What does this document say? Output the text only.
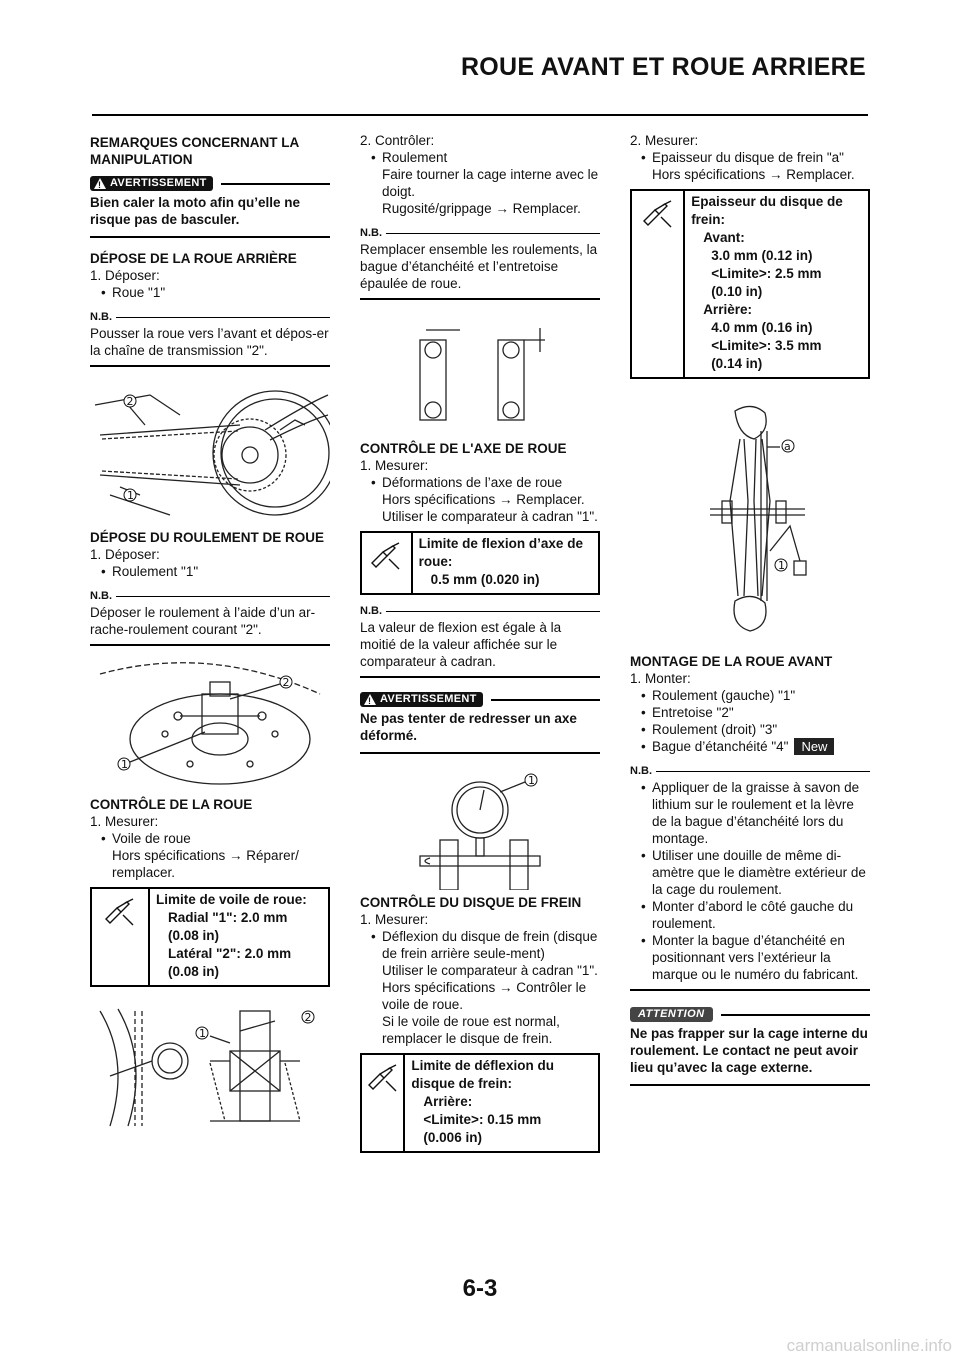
ROUE AVANT ET ROUE ARRIERE
REMARQUES CONCERNANT LA MANIPULATION
!
AVERTISSEMENT
Bien caler la moto afin qu’elle ne risque pas de basculer.
DÉPOSE DE LA ROUE ARRIÈRE
1. Déposer:
• Roue "1"
N.B.
Pousser la roue vers l’avant et dépos-er la chaîne de transmission "2".
2
1
DÉPOSE DU ROULEMENT DE ROUE
1. Déposer:
• Roulement "1"
N.B.
Déposer le roulement à l’aide d’un ar-rache-roulement courant "2".
2
1
CONTRÔLE DE LA ROUE
1. Mesurer:
• Voile de roue
Hors spécifications → Réparer/
remplacer.
Limite de voile de roue:
Radial "1": 2.0 mm
(0.08 in)
Latéral "2": 2.0 mm
(0.08 in)
2
1
2. Contrôler:
• Roulement
Faire tourner la cage interne avec le doigt.
Rugosité/grippage → Remplacer.
N.B.
Remplacer ensemble les roulements, la bague d’étanchéité et l’entretoise épaulée de roue.
CONTRÔLE DE L'AXE DE ROUE
1. Mesurer:
• Déformations de l’axe de roue
Hors spécifications → Remplacer.
Utiliser le comparateur à cadran "1".
Limite de flexion d’axe de roue:
0.5 mm (0.020 in)
N.B.
La valeur de flexion est égale à la moitié de la valeur affichée sur le comparateur à cadran.
!
AVERTISSEMENT
Ne pas tenter de redresser un axe déformé.
1
CONTRÔLE DU DISQUE DE FREIN
1. Mesurer:
• Déflexion du disque de frein (disque de frein arrière seule-ment)
Utiliser le comparateur à cadran "1".
Hors spécifications → Contrôler le voile de roue.
Si le voile de roue est normal, remplacer le disque de frein.
Limite de déflexion du disque de frein:
Arrière:
<Limite>: 0.15 mm
(0.006 in)
2. Mesurer:
• Epaisseur du disque de frein "a"
Hors spécifications → Remplacer.
Epaisseur du disque de frein:
Avant:
3.0 mm (0.12 in)
<Limite>: 2.5 mm
(0.10 in)
Arrière:
4.0 mm (0.16 in)
<Limite>: 3.5 mm
(0.14 in)
a
1
MONTAGE DE LA ROUE AVANT
1. Monter:
• Roulement (gauche) "1"
• Entretoise "2"
• Roulement (droit) "3"
• Bague d’étanchéité "4" New
N.B.
• Appliquer de la graisse à savon de lithium sur le roulement et la lèvre de la bague d’étanchéité lors du montage.
• Utiliser une douille de même di-amètre que le diamètre extérieur de la cage du roulement.
• Monter d’abord le côté gauche du roulement.
• Monter la bague d’étanchéité en positionnant vers l’extérieur la marque ou le numéro du fabricant.
ATTENTION
Ne pas frapper sur la cage interne du roulement. Le contact ne peut avoir lieu qu’avec la cage externe.
6-3
carmanualsonline.info
